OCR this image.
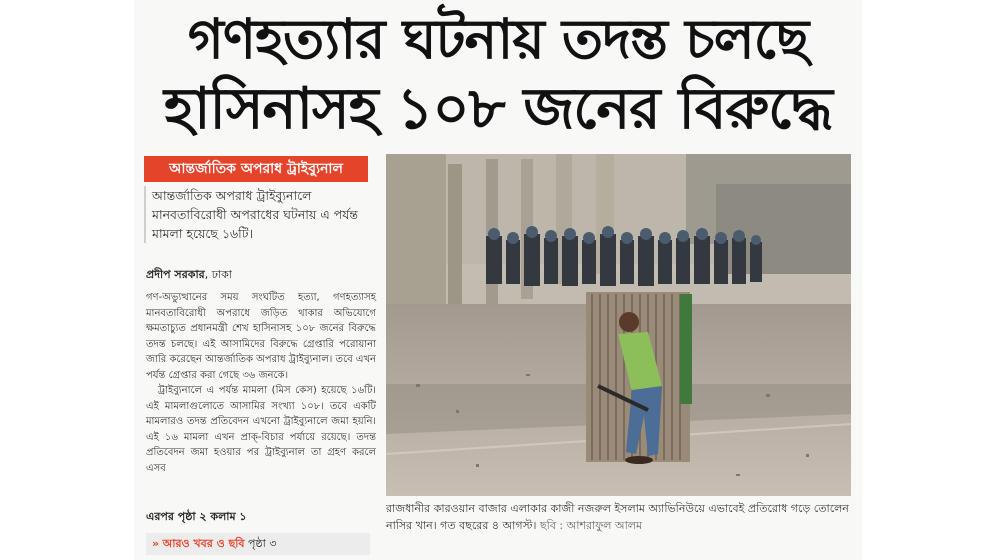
গণহত্যার ঘটনায় তদন্ত চলছে
হাসিনাসহ ১০৮ জনের বিরুদ্ধে
আন্তর্জাতিক অপরাধ ট্রাইব্যুনাল
আন্তর্জাতিক অপরাধ ট্রাইব্যুনালে মানবতাবিরোধী অপরাধের ঘটনায় এ পর্যন্ত মামলা হয়েছে ১৬টি।
প্রদীপ সরকার, ঢাকা

গণ-অভ্যুত্থানের সময় সংঘটিত হত্যা, গণহত্যাসহ মানবতাবিরোধী অপরাধে জড়িত থাকার অভিযোগে ক্ষমতাচ্যুত প্রধানমন্ত্রী শেখ হাসিনাসহ ১০৮ জনের বিরুদ্ধে তদন্ত চলছে। এই আসামিদের বিরুদ্ধে গ্রেপ্তারি পরোয়ানা জারি করেছেন আন্তর্জাতিক অপরাধ ট্রাইব্যুনাল। তবে এখন পর্যন্ত গ্রেপ্তার করা গেছে ৩৬ জনকে।

ট্রাইব্যুনালে এ পর্যন্ত মামলা (মিস কেস) হয়েছে ১৬টি। এই মামলাগুলোতে আসামির সংখ্যা ১০৮। তবে একটি মামলারও তদন্ত প্রতিবেদন এখনো ট্রাইব্যুনালে জমা হয়নি। এই ১৬ মামলা এখন প্রাক্-বিচার পর্যায়ে রয়েছে। তদন্ত প্রতিবেদন জমা হওয়ার পর ট্রাইব্যুনাল তা গ্রহণ করলে এসব

এরপর পৃষ্ঠা ২ কলাম ১
» আরও খবর ও ছবি পৃষ্ঠা ৩
রাজধানীর কারওয়ান বাজার এলাকার কাজী নজরুল ইসলাম অ্যাভিনিউয়ে এভাবেই প্রতিরোধ গড়ে তোলেন নাসির খান। গত বছরের ৪ আগস্ট। ছবি : আশরাফুল আলম
